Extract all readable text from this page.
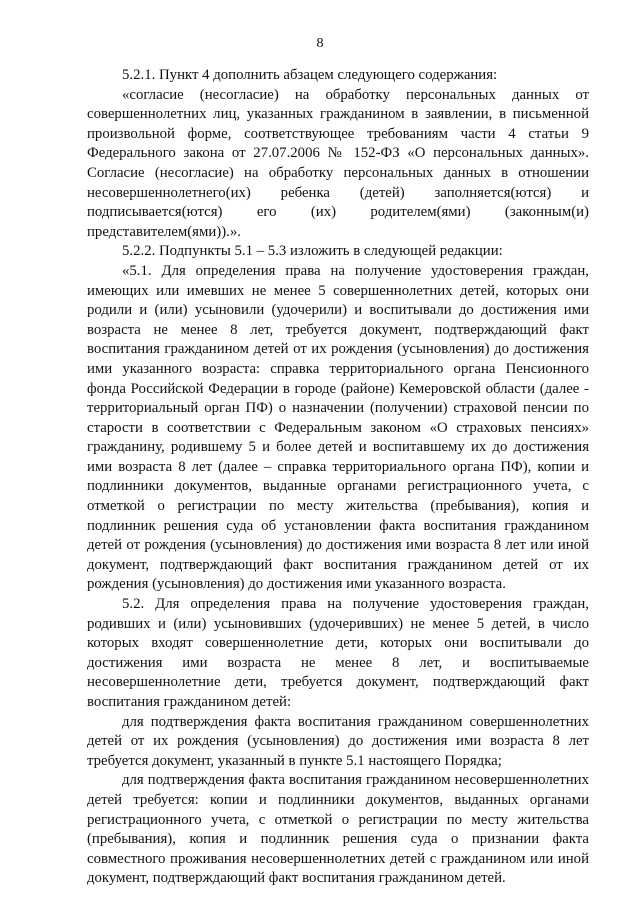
8

5.2.1. Пункт 4 дополнить абзацем следующего содержания:

«согласие (несогласие) на обработку персональных данных от совершеннолетних лиц, указанных гражданином в заявлении, в письменной произвольной форме, соответствующее требованиям части 4 статьи 9 Федерального закона от 27.07.2006 № 152-ФЗ «О персональных данных». Согласие (несогласие) на обработку персональных данных в отношении несовершеннолетнего(их) ребенка (детей) заполняется(ются) и подписывается(ются) его (их) родителем(ями) (законным(и) представителем(ями)).».

5.2.2. Подпункты 5.1 – 5.3 изложить в следующей редакции:

«5.1. Для определения права на получение удостоверения граждан, имеющих или имевших не менее 5 совершеннолетних детей, которых они родили и (или) усыновили (удочерили) и воспитывали до достижения ими возраста не менее 8 лет, требуется документ, подтверждающий факт воспитания гражданином детей от их рождения (усыновления) до достижения ими указанного возраста: справка территориального органа Пенсионного фонда Российской Федерации в городе (районе) Кемеровской области (далее - территориальный орган ПФ) о назначении (получении) страховой пенсии по старости в соответствии с Федеральным законом «О страховых пенсиях» гражданину, родившему 5 и более детей и воспитавшему их до достижения ими возраста 8 лет (далее – справка территориального органа ПФ), копии и подлинники документов, выданные органами регистрационного учета, с отметкой о регистрации по месту жительства (пребывания), копия и подлинник решения суда об установлении факта воспитания гражданином детей от рождения (усыновления) до достижения ими возраста 8 лет или иной документ, подтверждающий факт воспитания гражданином детей от их рождения (усыновления) до достижения ими указанного возраста.

5.2. Для определения права на получение удостоверения граждан, родивших и (или) усыновивших (удочеривших) не менее 5 детей, в число которых входят совершеннолетние дети, которых они воспитывали до достижения ими возраста не менее 8 лет, и воспитываемые несовершеннолетние дети, требуется документ, подтверждающий факт воспитания гражданином детей:

для подтверждения факта воспитания гражданином совершеннолетних детей от их рождения (усыновления) до достижения ими возраста 8 лет требуется документ, указанный в пункте 5.1 настоящего Порядка;

для подтверждения факта воспитания гражданином несовершеннолетних детей требуется: копии и подлинники документов, выданных органами регистрационного учета, с отметкой о регистрации по месту жительства (пребывания), копия и подлинник решения суда о признании факта совместного проживания несовершеннолетних детей с гражданином или иной документ, подтверждающий факт воспитания гражданином детей.
